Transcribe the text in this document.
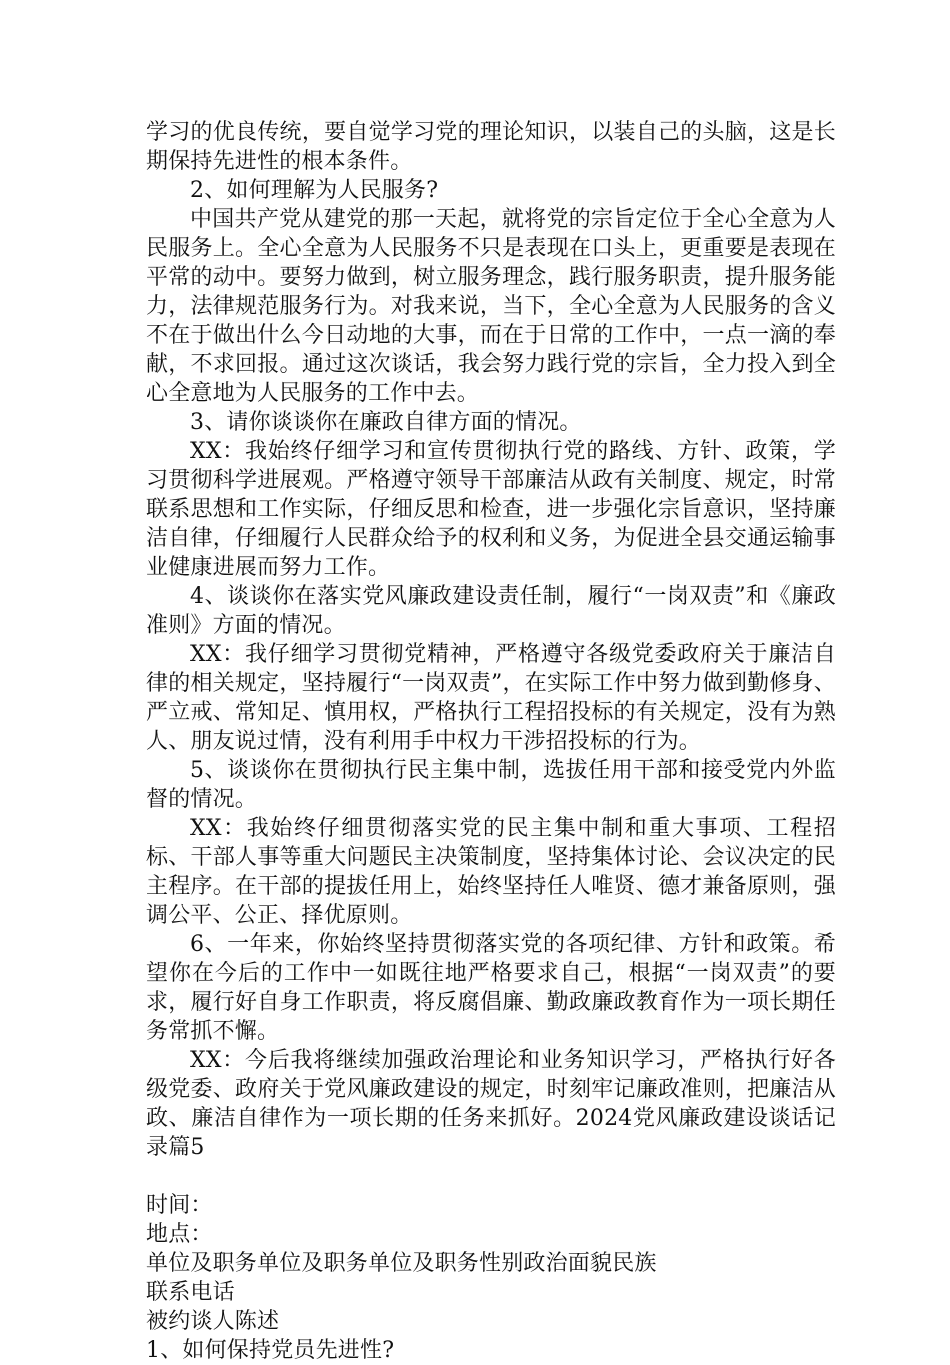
学习的优良传统，要自觉学习党的理论知识，以装自己的头脑，这是长期保持先进性的根本条件。

2、如何理解为人民服务?

中国共产党从建党的那一天起，就将党的宗旨定位于全心全意为人民服务上。全心全意为人民服务不只是表现在口头上，更重要是表现在平常的动中。要努力做到，树立服务理念，践行服务职责，提升服务能力，法律规范服务行为。对我来说，当下，全心全意为人民服务的含义不在于做出什么今日动地的大事，而在于日常的工作中，一点一滴的奉献，不求回报。通过这次谈话，我会努力践行党的宗旨，全力投入到全心全意地为人民服务的工作中去。

3、请你谈谈你在廉政自律方面的情况。

XX：我始终仔细学习和宣传贯彻执行党的路线、方针、政策，学习贯彻科学进展观。严格遵守领导干部廉洁从政有关制度、规定，时常联系思想和工作实际，仔细反思和检查，进一步强化宗旨意识，坚持廉洁自律，仔细履行人民群众给予的权利和义务，为促进全县交通运输事业健康进展而努力工作。

4、谈谈你在落实党风廉政建设责任制，履行“一岗双责”和《廉政准则》方面的情况。

XX：我仔细学习贯彻党精神，严格遵守各级党委政府关于廉洁自律的相关规定，坚持履行“一岗双责”，在实际工作中努力做到勤修身、严立戒、常知足、慎用权，严格执行工程招投标的有关规定，没有为熟人、朋友说过情，没有利用手中权力干涉招投标的行为。

5、谈谈你在贯彻执行民主集中制，选拔任用干部和接受党内外监督的情况。

XX：我始终仔细贯彻落实党的民主集中制和重大事项、工程招标、干部人事等重大问题民主决策制度，坚持集体讨论、会议决定的民主程序。在干部的提拔任用上，始终坚持任人唯贤、德才兼备原则，强调公平、公正、择优原则。

6、一年来，你始终坚持贯彻落实党的各项纪律、方针和政策。希望你在今后的工作中一如既往地严格要求自己，根据“一岗双责”的要求，履行好自身工作职责，将反腐倡廉、勤政廉政教育作为一项长期任务常抓不懈。

XX：今后我将继续加强政治理论和业务知识学习，严格执行好各级党委、政府关于党风廉政建设的规定，时刻牢记廉政准则，把廉洁从政、廉洁自律作为一项长期的任务来抓好。2024党风廉政建设谈话记录篇5

时间：

地点：

单位及职务单位及职务单位及职务性别政治面貌民族

联系电话

被约谈人陈述

1、如何保持党员先进性?
